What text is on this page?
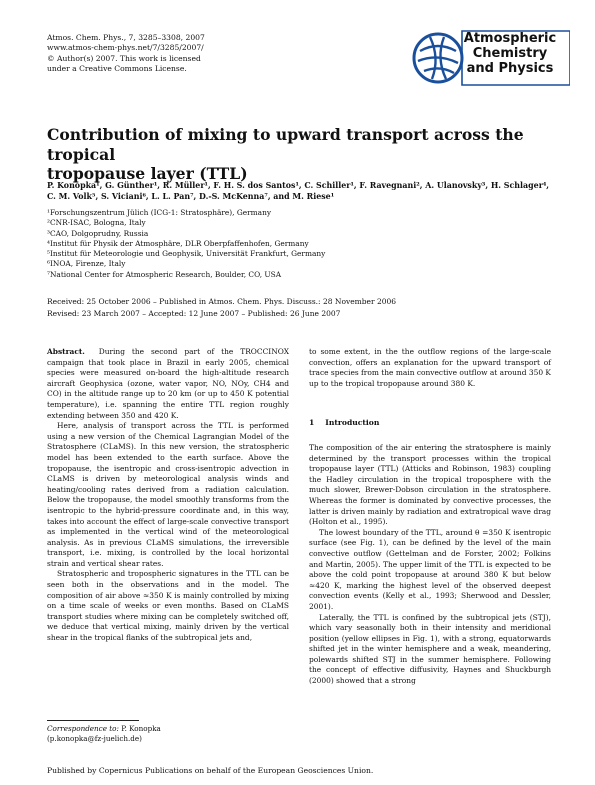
Atmos. Chem. Phys., 7, 3285–3308, 2007
www.atmos-chem-phys.net/7/3285/2007/
© Author(s) 2007. This work is licensed
under a Creative Commons License.
Atmospheric
Chemistry
and Physics
Contribution of mixing to upward transport across the tropical
tropopause layer (TTL)
P. Konopka¹, G. Günther¹, R. Müller¹, F. H. S. dos Santos¹, C. Schiller¹, F. Ravegnani², A. Ulanovsky³, H. Schlager⁴,
C. M. Volk⁵, S. Viciani⁶, L. L. Pan⁷, D.-S. McKenna⁷, and M. Riese¹
¹Forschungszentrum Jülich (ICG-1: Stratosphäre), Germany
²CNR-ISAC, Bologna, Italy
³CAO, Dolgoprudny, Russia
⁴Institut für Physik der Atmosphäre, DLR Oberpfaffenhofen, Germany
⁵Institut für Meteorologie und Geophysik, Universität Frankfurt, Germany
⁶INOA, Firenze, Italy
⁷National Center for Atmospheric Research, Boulder, CO, USA
Received: 25 October 2006 – Published in Atmos. Chem. Phys. Discuss.: 28 November 2006
Revised: 23 March 2007 – Accepted: 12 June 2007 – Published: 26 June 2007

Abstract. During the second part of the TROCCINOX campaign that took place in Brazil in early 2005, chemical species were measured on-board the high-altitude research aircraft Geophysica (ozone, water vapor, NO, NOy, CH4 and CO) in the altitude range up to 20 km (or up to 450 K potential temperature), i.e. spanning the entire TTL region roughly extending between 350 and 420 K.

Here, analysis of transport across the TTL is performed using a new version of the Chemical Lagrangian Model of the Stratosphere (CLaMS). In this new version, the stratospheric model has been extended to the earth surface. Above the tropopause, the isentropic and cross-isentropic advection in CLaMS is driven by meteorological analysis winds and heating/cooling rates derived from a radiation calculation. Below the tropopause, the model smoothly transforms from the isentropic to the hybrid-pressure coordinate and, in this way, takes into account the effect of large-scale convective transport as implemented in the vertical wind of the meteorological analysis. As in previous CLaMS simulations, the irreversible transport, i.e. mixing, is controlled by the local horizontal strain and vertical shear rates.

Stratospheric and tropospheric signatures in the TTL can be seen both in the observations and in the model. The composition of air above ≈350 K is mainly controlled by mixing on a time scale of weeks or even months. Based on CLaMS transport studies where mixing can be completely switched off, we deduce that vertical mixing, mainly driven by the vertical shear in the tropical flanks of the subtropical jets and,

to some extent, in the the outflow regions of the large-scale convection, offers an explanation for the upward transport of trace species from the main convective outflow at around 350 K up to the tropical tropopause around 380 K.

1 Introduction

The composition of the air entering the stratosphere is mainly determined by the transport processes within the tropical tropopause layer (TTL) (Atticks and Robinson, 1983) coupling the Hadley circulation in the tropical troposphere with the much slower, Brewer-Dobson circulation in the stratosphere. Whereas the former is dominated by convective processes, the latter is driven mainly by radiation and extratropical wave drag (Holton et al., 1995).

The lowest boundary of the TTL, around θ =350 K isentropic surface (see Fig. 1), can be defined by the level of the main convective outflow (Gettelman and de Forster, 2002; Folkins and Martin, 2005). The upper limit of the TTL is expected to be above the cold point tropopause at around 380 K but below ≈420 K, marking the highest level of the observed deepest convection events (Kelly et al., 1993; Sherwood and Dessler, 2001).

Laterally, the TTL is confined by the subtropical jets (STJ), which vary seasonally both in their intensity and meridional position (yellow ellipses in Fig. 1), with a strong, equatorwards shifted jet in the winter hemisphere and a weak, meandering, polewards shifted STJ in the summer hemisphere. Following the concept of effective diffusivity, Haynes and Shuckburgh (2000) showed that a strong

Correspondence to: P. Konopka
(p.konopka@fz-juelich.de)
Published by Copernicus Publications on behalf of the European Geosciences Union.
